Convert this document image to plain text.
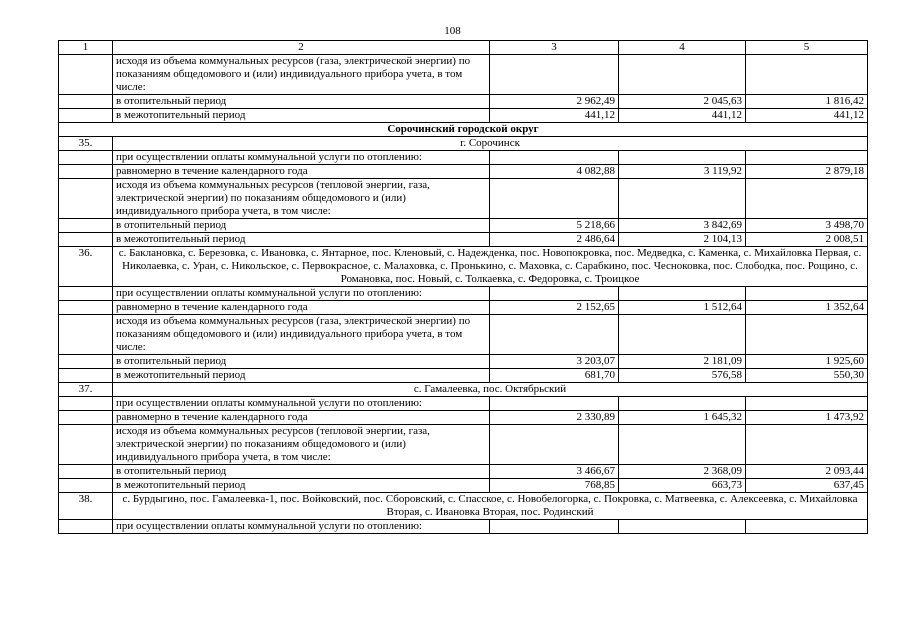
108
1	2	3	4	5
	исходя из объема коммунальных ресурсов (газа, электрической энергии) по показаниям общедомового и (или) индивидуального прибора учета, в том числе:			
	в отопительный период	2 962,49	2 045,63	1 816,42
	в межотопительный период	441,12	441,12	441,12
Сорочинский городской округ				
35.	г. Сорочинск			
	при осуществлении оплаты коммунальной услуги по отоплению:			
	равномерно в течение календарного года	4 082,88	3 119,92	2 879,18
	исходя из объема коммунальных ресурсов (тепловой энергии, газа, электрической энергии) по показаниям общедомового и (или) индивидуального прибора учета, в том числе:			
	в отопительный период	5 218,66	3 842,69	3 498,70
	в межотопительный период	2 486,64	2 104,13	2 008,51
36.	с. Баклановка, с. Березовка, с. Ивановка, с. Янтарное, пос. Кленовый, с. Надежденка, пос. Новопокровка, пос. Медведка, с. Каменка, с. Михайловка Первая, с. Николаевка, с. Уран, с. Никольское, с. Первокрасное, с. Малаховка, с. Пронькино, с. Маховка, с. Сарабкино, пос. Чесноковка, пос. Слободка, пос. Рощино, с. Романовка, пос. Новый, с. Толкаевка, с. Федоровка, с. Троицкое			
	при осуществлении оплаты коммунальной услуги по отоплению:			
	равномерно в течение календарного года	2 152,65	1 512,64	1 352,64
	исходя из объема коммунальных ресурсов (газа, электрической энергии) по показаниям общедомового и (или) индивидуального прибора учета, в том числе:			
	в отопительный период	3 203,07	2 181,09	1 925,60
	в межотопительный период	681,70	576,58	550,30
37.	с. Гамалеевка, пос. Октябрьский			
	при осуществлении оплаты коммунальной услуги по отоплению:			
	равномерно в течение календарного года	2 330,89	1 645,32	1 473,92
	исходя из объема коммунальных ресурсов (тепловой энергии, газа, электрической энергии) по показаниям общедомового и (или) индивидуального прибора учета, в том числе:			
	в отопительный период	3 466,67	2 368,09	2 093,44
	в межотопительный период	768,85	663,73	637,45
38.	с. Бурдыгино, пос. Гамалеевка-1, пос. Войковский, пос. Сборовский, с. Спасское, с. Новобелогорка, с. Покровка, с. Матвеевка, с. Алексеевка, с. Михайловка Вторая, с. Ивановка Вторая, пос. Родинский			
	при осуществлении оплаты коммунальной услуги по отоплению:			
